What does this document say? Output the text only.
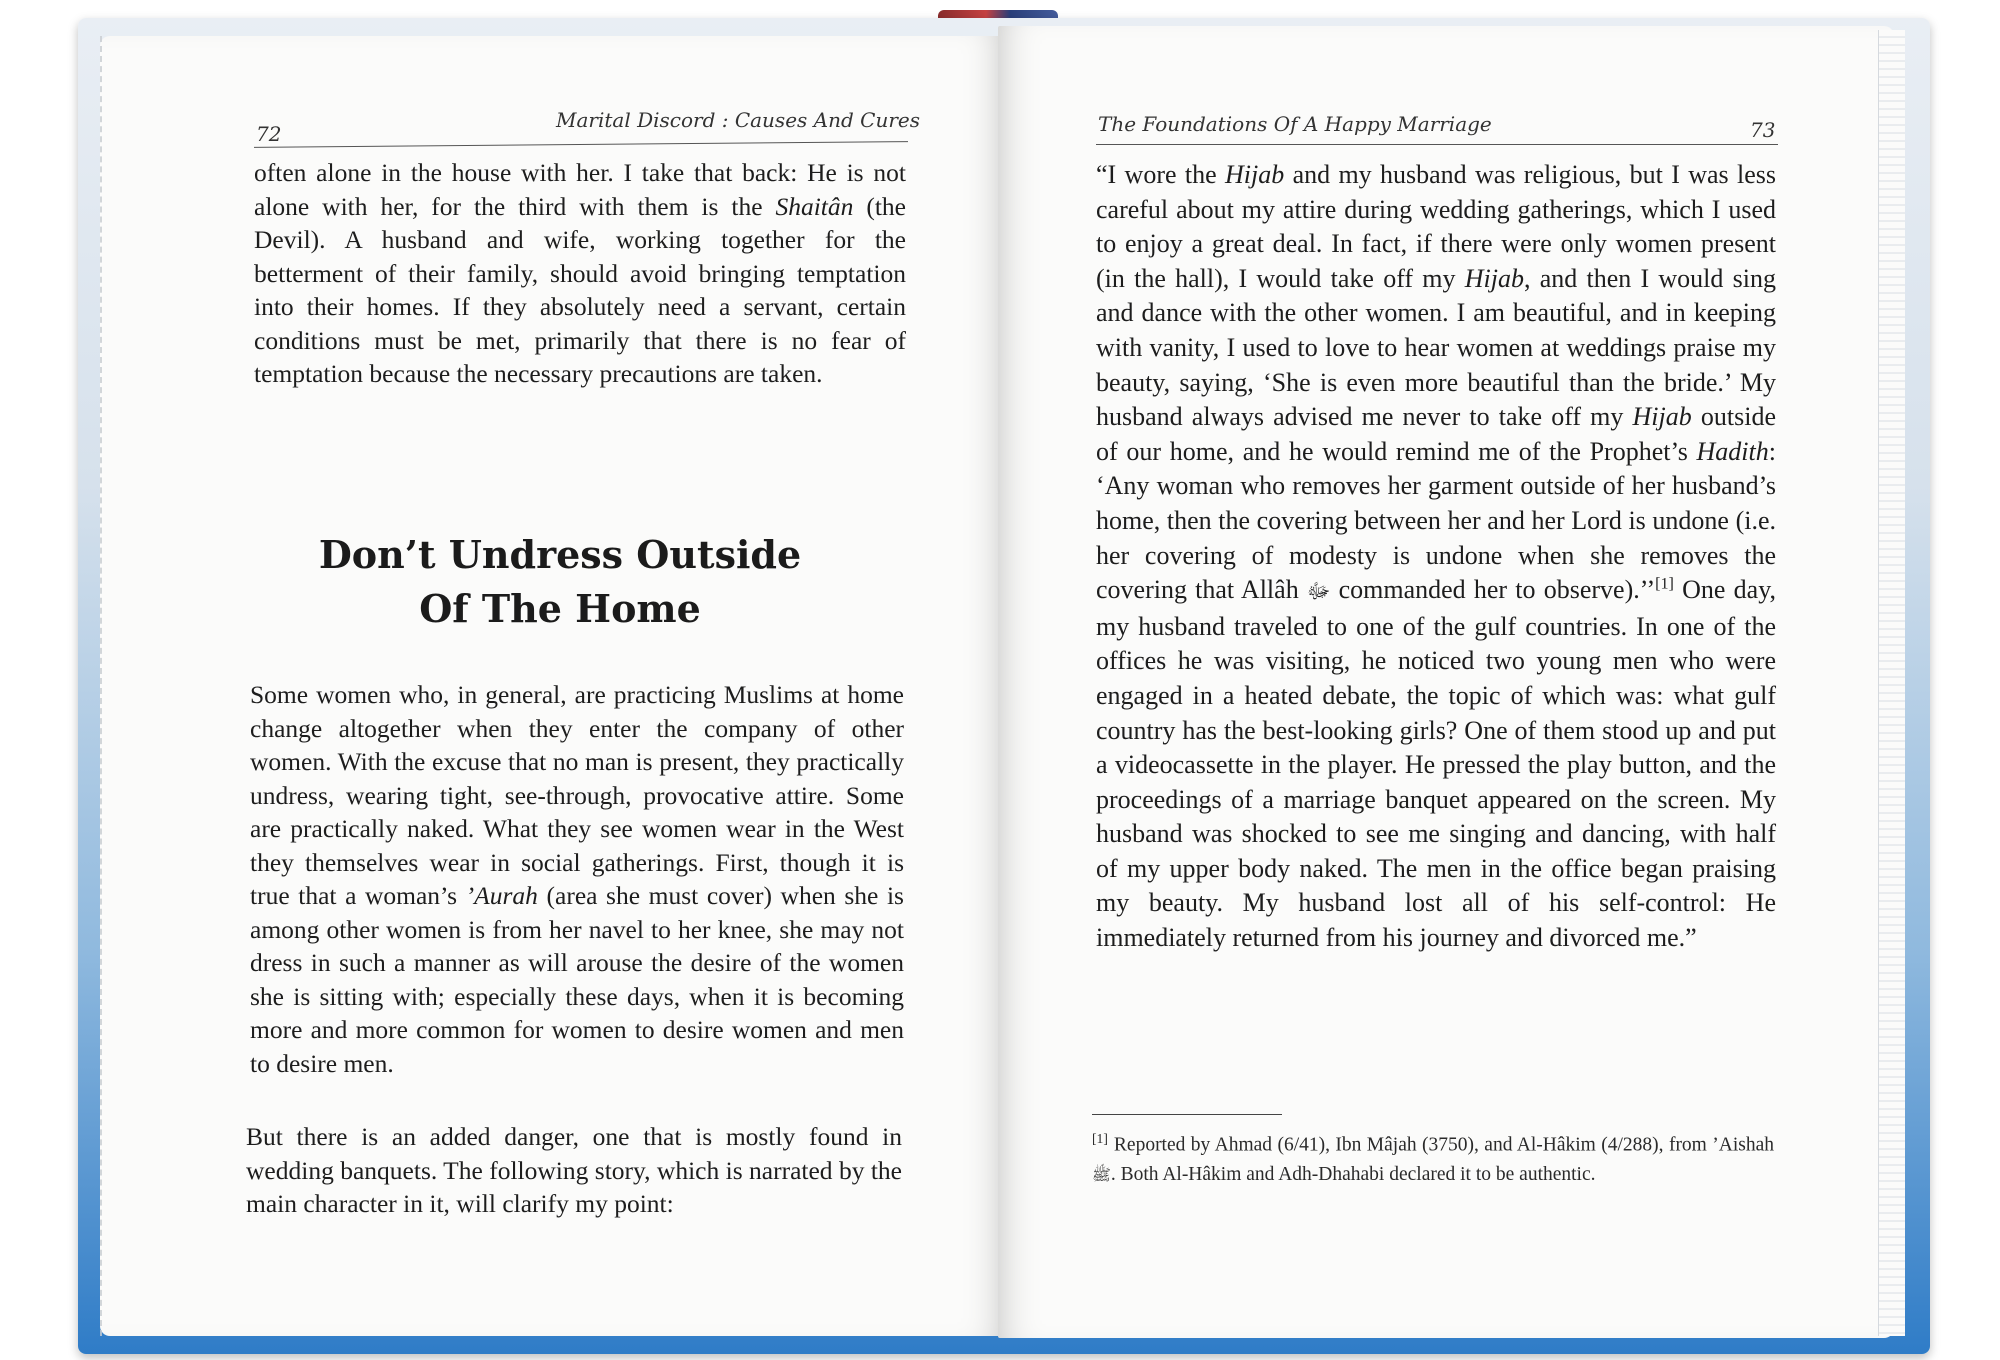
72
Marital Discord : Causes And Cures

often alone in the house with her. I take that back: He is not alone with her, for the third with them is the Shaitân (the Devil). A husband and wife, working together for the betterment of their family, should avoid bringing temptation into their homes. If they absolutely need a servant, certain conditions must be met, primarily that there is no fear of temptation because the necessary precautions are taken.

Don’t Undress Outside
Of The Home

Some women who, in general, are practicing Muslims at home change altogether when they enter the company of other women. With the excuse that no man is present, they practically undress, wearing tight, see-through, provocative attire. Some are practically naked. What they see women wear in the West they themselves wear in social gatherings. First, though it is true that a woman’s ’Aurah (area she must cover) when she is among other women is from her navel to her knee, she may not dress in such a manner as will arouse the desire of the women she is sitting with; especially these days, when it is becoming more and more common for women to desire women and men to desire men.

But there is an added danger, one that is mostly found in wedding banquets. The following story, which is narrated by the main character in it, will clarify my point:

The Foundations Of A Happy Marriage	73

“I wore the Hijab and my husband was religious, but I was less careful about my attire during wedding gatherings, which I used to enjoy a great deal. In fact, if there were only women present (in the hall), I would take off my Hijab, and then I would sing and dance with the other women. I am beautiful, and in keeping with vanity, I used to love to hear women at weddings praise my beauty, saying, ‘She is even more beautiful than the bride.’ My husband always advised me never to take off my Hijab outside of our home, and he would remind me of the Prophet’s Hadith: ‘Any woman who removes her garment outside of her husband’s home, then the covering between her and her Lord is undone (i.e. her covering of modesty is undone when she removes the covering that Allâh ﷻ commanded her to observe).’’[1] One day, my husband traveled to one of the gulf countries. In one of the offices he was visiting, he noticed two young men who were engaged in a heated debate, the topic of which was: what gulf country has the best-looking girls? One of them stood up and put a videocassette in the player. He pressed the play button, and the proceedings of a marriage banquet appeared on the screen. My husband was shocked to see me singing and dancing, with half of my upper body naked. The men in the office began praising my beauty. My husband lost all of his self-control: He immediately returned from his journey and divorced me.”

[1] Reported by Ahmad (6/41), Ibn Mâjah (3750), and Al-Hâkim (4/288), from ’Aishah ﷺ. Both Al-Hâkim and Adh-Dhahabi declared it to be authentic.
